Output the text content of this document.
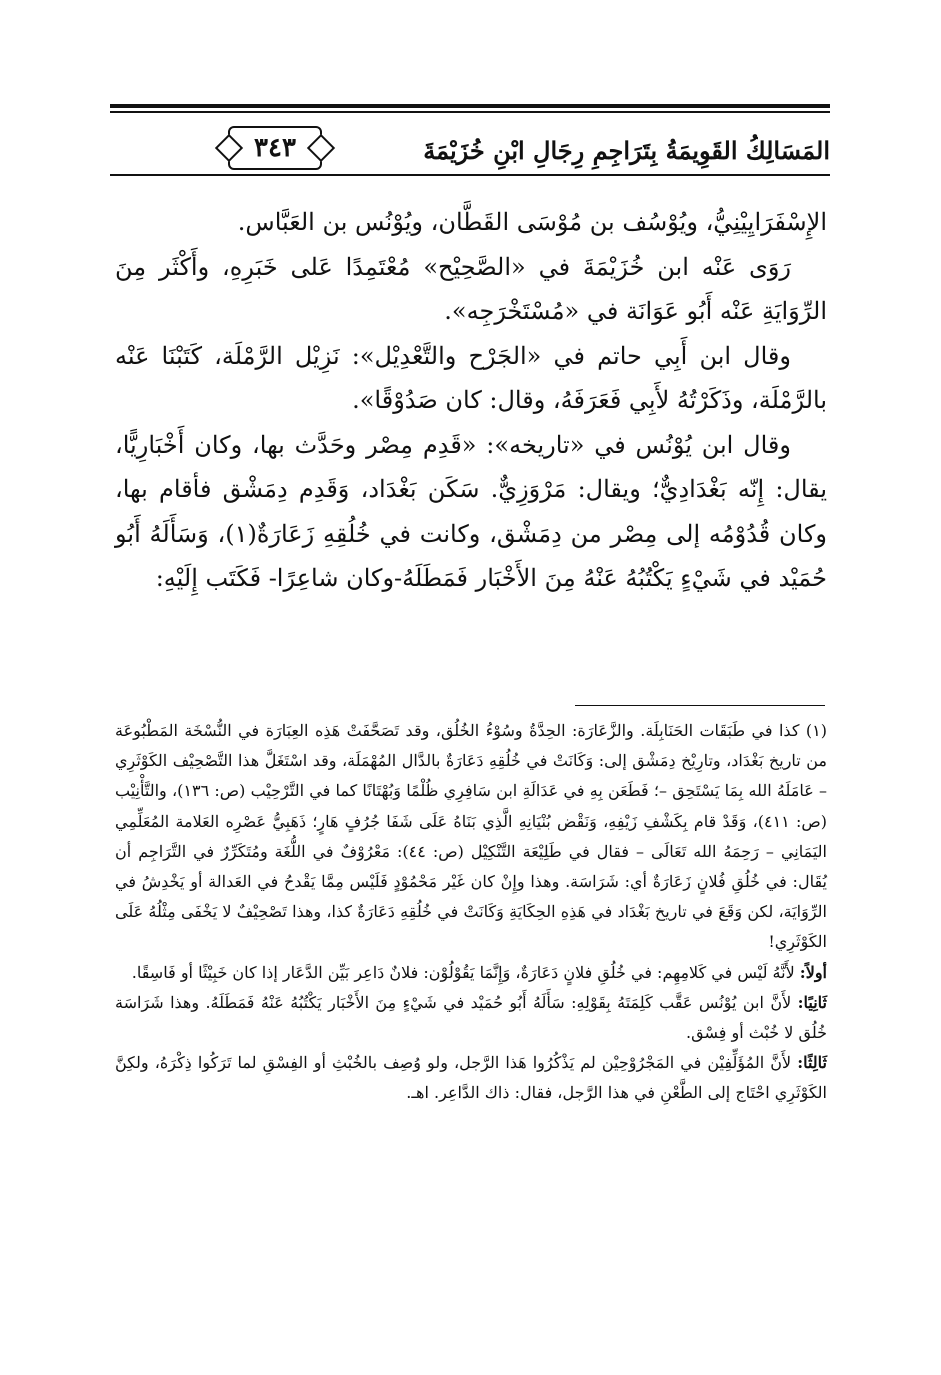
٣٤٣	المَسَالِكُ القَوِيمَةُ بِتَرَاجِمِ رِجَالِ ابْنِ خُزَيْمَةَ

الإِسْفَرَايِيْنِيُّ، ويُوْسُف بن مُوْسَى القَطَّان، ويُوْنُس بن العَبَّاس.

رَوَى عَنْه ابن خُزَيْمَةَ في «الصَّحِيْح» مُعْتَمِدًا عَلى خَبَرِهِ، وأَكْثَر مِنَ الرِّوَايَةِ عَنْه أَبُو عَوَانَة في «مُسْتَخْرَجِه».

وقال ابن أَبِي حاتم في «الجَرْح والتَّعْدِيْل»: نَزِيْل الرَّمْلَة، كَتَبْنَا عَنْه بالرَّمْلَة، وذَكَرْتُهُ لأَبِي فَعَرَفَهُ، وقال: كان صَدُوْقًا».

وقال ابن يُوْنُس في «تاريخه»: «قَدِم مِصْر وحَدَّث بها، وكان أَخْبَارِيًّا، يقال: إِنّه بَغْدَادِيٌّ؛ ويقال: مَرْوَزِيٌّ. سَكَن بَغْدَاد، وَقَدِم دِمَشْق فأقام بها، وكان قُدُوْمُه إلى مِصْر من دِمَشْق، وكانت في خُلُقِهِ زَعَارَةٌ(١)، وَسَأَلَهُ أَبُو حُمَيْد في شَيْءٍ يَكْتُبُهُ عَنْهُ مِنَ الأَخْبَار فَمَطَلَهُ-وكان شاعِرًا- فَكَتَب إِلَيْهِ:

(١) كذا في طَبَقَات الحَنَابِلَة. والزَّعَارَة: الحِدَّةُ وسُوْءُ الخُلُق، وقد تَصَحَّفَتْ هَذِه العِبَارَة في النُّسْخَة المَطْبُوعَة من تاريخ بَغْدَاد، وتارِيْخ دِمَشْق إلى: وَكَانَتْ في خُلُقِهِ دَعَارَةٌ بالدَّال المُهْمَلَة، وقد اسْتَغَلَّ هذا التَّصْحِيْف الكَوْثَرِي – عَامَلَهُ الله بِمَا يَسْتَحِق –؛ فَطَعَن بِهِ في عَدَالَةِ ابن سَافِرِي ظُلْمًا وَبُهْتَانًا كما في التَّرْحِيْب (ص: ١٣٦)، والتَّأْنِيْب (ص: ٤١١)، وَقَدْ قام بِكَشْفِ زَيْفِهِ، وَنَقْض بُنْيَانِهِ الَّذِي بَنَاهُ عَلَى شَفَا جُرُفٍ هَارٍ؛ ذَهَبِيُّ عَصْرِه العَلامة المُعَلِّمِي اليَمَانِي – رَحِمَهُ الله تَعَالَى – فقال في طَلِيْعَة التَّنْكِيْل (ص: ٤٤): مَعْرُوْفٌ في اللُّغَة ومُتَكَرِّرٌ في التَّرَاجِم أن يُقَال: في خُلُقِ فُلانٍ زَعَارَةٌ أي: شَرَاسَة. وهذا وإِنْ كان غَيْر مَحْمُوْدٍ فَلَيْس مِمَّا يَقْدحُ في العَدالة أو يَخْدِشُ في الرِّوَايَة، لكن وَقَعَ في تاريخ بَغْدَاد في هَذِهِ الحِكَايَةِ وَكَانَتْ في خُلُقِهِ دَعَارَةٌ كذا، وهذا تَصْحِيْفٌ لا يَخْفَى مِثْلُهُ عَلَى الكَوْثَرِي!

أولاً: لأَنَّهُ لَيْس في كَلامِهِم: في خُلُقِ فلانٍ دَعَارَةٌ، وَإِنَّمَا يَقُوْلُوْن: فلانٌ دَاعِر بَيِّن الدَّعَار إذا كان خَبِيْثًا أو فَاسِقًا.

ثَانِيًا: لأَنَّ ابن يُوْنُس عَقَّب كَلِمَتَهُ بِقَوْلِهِ: سَأَلَهُ أَبُو حُمَيْد في شَيْءٍ مِنَ الأَخْبَار يَكْتُبُهُ عَنْهُ فَمَطَلَهُ. وهذا شَرَاسَة خُلُق لا خُبْث أو فِسْق.

ثَالِثًا: لأَنَّ المُؤَلِّفِيْن في المَجْرُوْحِيْن لم يَذْكُرُوا هَذا الرَّجل، ولو وُصِف بالخُبْثِ أو الفِسْقِ لما تَرَكُوا ذِكْرَهُ، ولكِنَّ الكَوْثَرِي احْتَاج إلى الطَّعْنِ في هذا الرَّجل، فقال: ذاك الدَّاعِر. اهـ.
